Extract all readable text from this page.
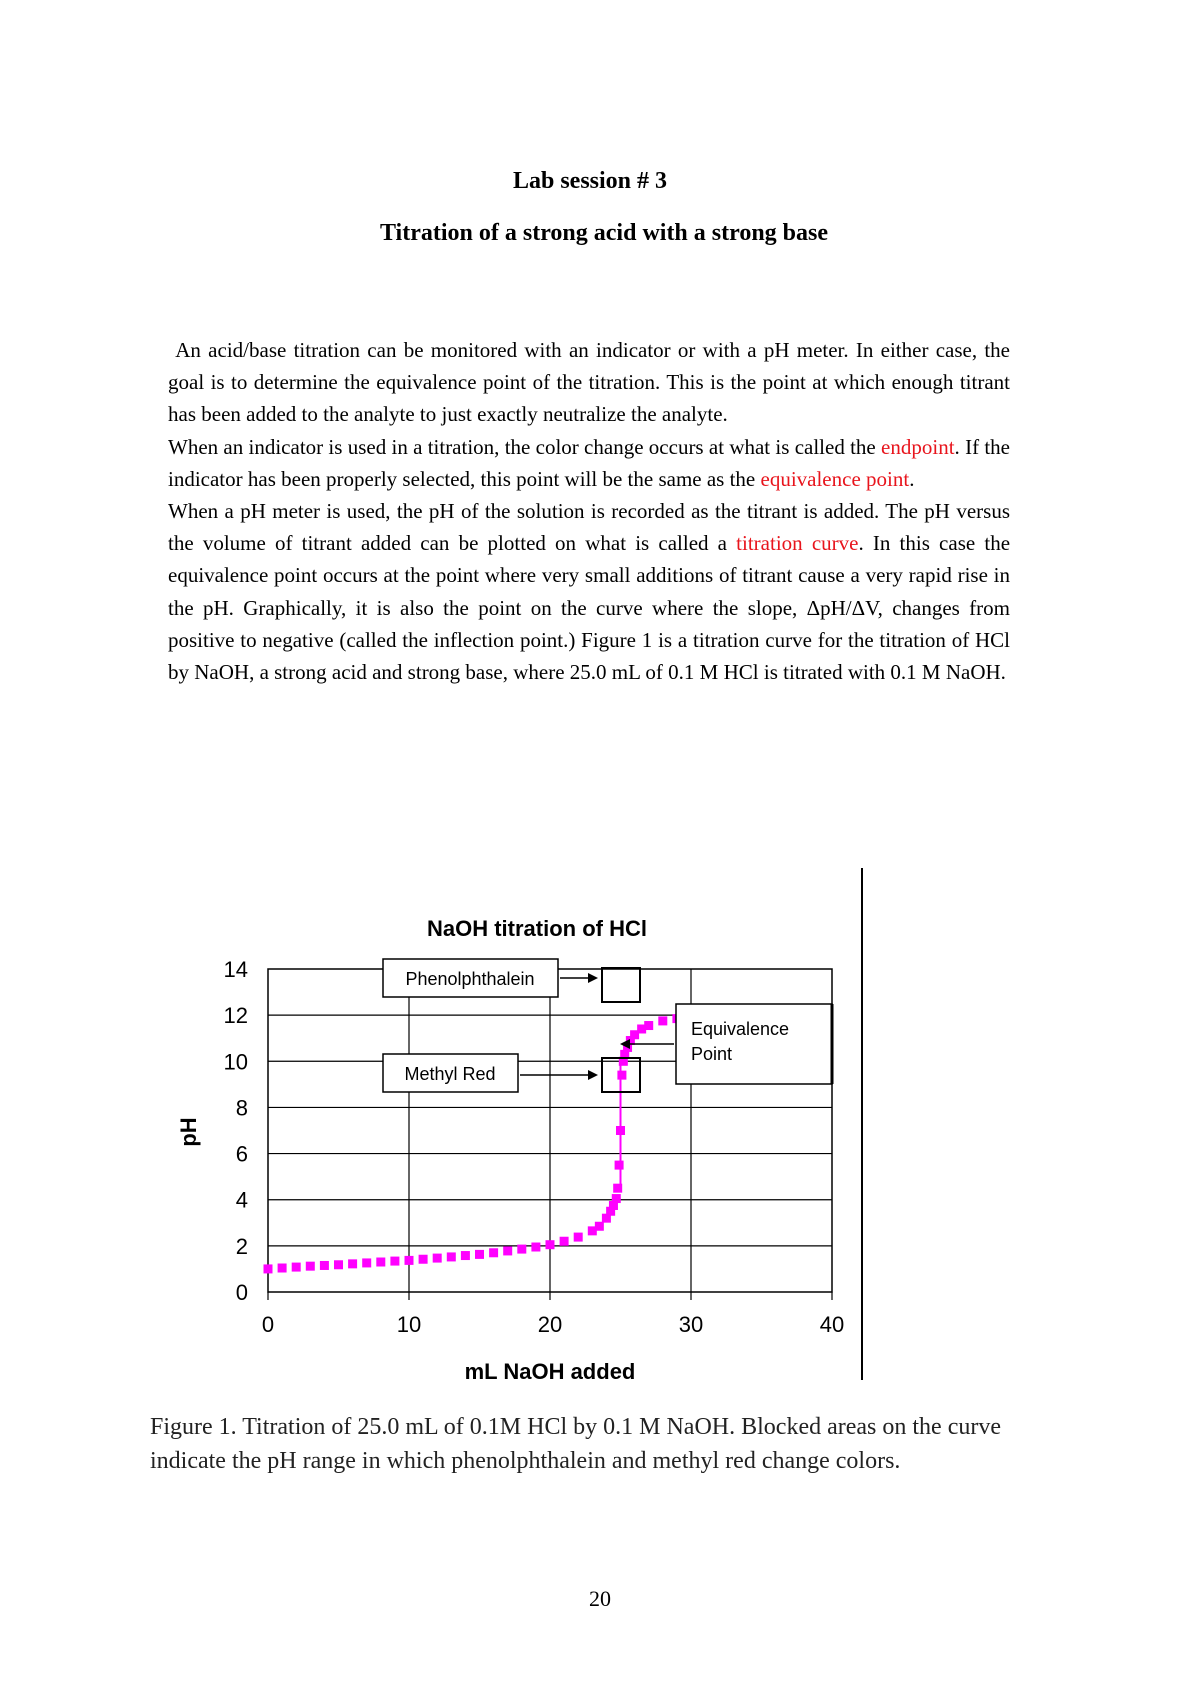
Lab session # 3
Titration of a strong acid with a strong base

An acid/base titration can be monitored with an indicator or with a pH meter. In either case, the goal is to determine the equivalence point of the titration. This is the point at which enough titrant has been added to the analyte to just exactly neutralize the analyte.

When an indicator is used in a titration, the color change occurs at what is called the endpoint. If the indicator has been properly selected, this point will be the same as the equivalence point.

When a pH meter is used, the pH of the solution is recorded as the titrant is added. The pH versus the volume of titrant added can be plotted on what is called a titration curve. In this case the equivalence point occurs at the point where very small additions of titrant cause a very rapid rise in the pH. Graphically, it is also the point on the curve where the slope, ΔpH/ΔV, changes from positive to negative (called the inflection point.) Figure 1 is a titration curve for the titration of HCl by NaOH, a strong acid and strong base, where 25.0 mL of 0.1 M HCl is titrated with 0.1 M NaOH.

NaOH titration of HCl
mL NaOH added
pH
0
2
4
6
8
10
12
14
0	10	20	30	40
Phenolphthalein
Methyl Red
Equivalence
Point
Figure 1. Titration of 25.0 mL of 0.1M HCl by 0.1 M NaOH. Blocked areas on the curve indicate the pH range in which phenolphthalein and methyl red change colors.
20
